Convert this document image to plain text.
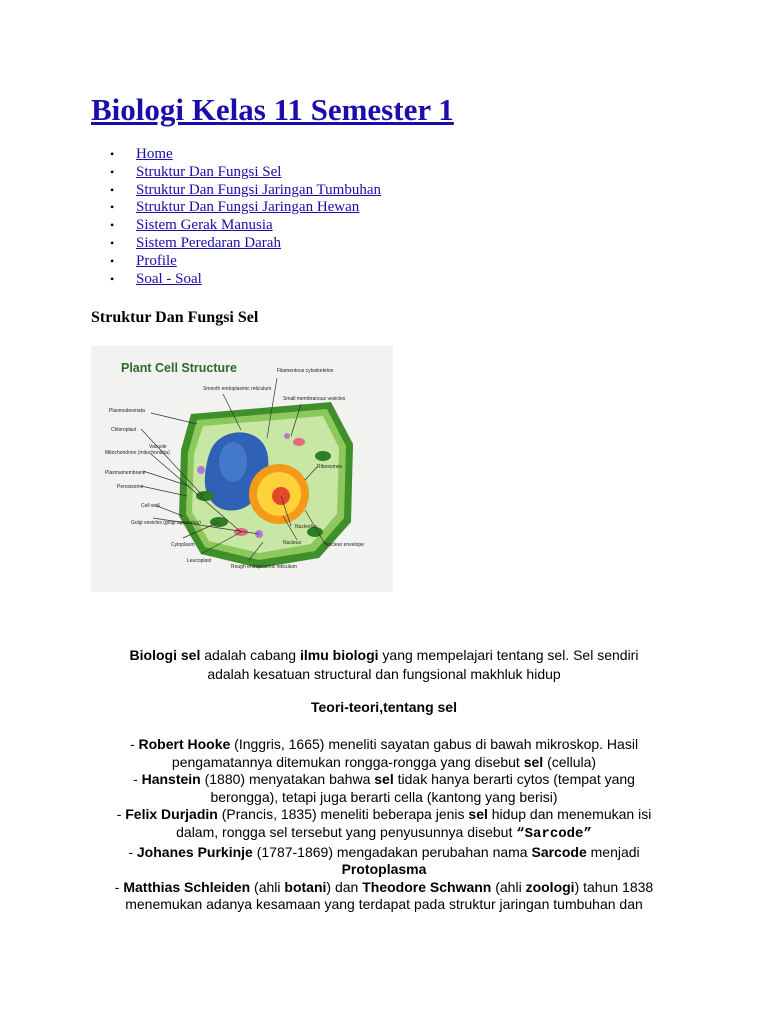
Biologi Kelas 11 Semester 1
• Home
• Struktur Dan Fungsi Sel
• Struktur Dan Fungsi Jaringan Tumbuhan
• Struktur Dan Fungsi Jaringan Hewan
• Sistem Gerak Manusia
• Sistem Peredaran Darah
• Profile
• Soal - Soal
Struktur Dan Fungsi Sel
Plant Cell Structure	Filamentous cytoskeleton
Smooth endoplasmic reticulum
Small membranous vesicles
Plasmodesmata
Chloroplast
Vacuole
Mitochondrion (mitochondria)
Plasmamembrane
Peroxisome
Cell wall
Golgi vesicles (golgi apparatus)
Cytoplasm
Leucoplast
Rough endoplasmic reticulum
Nucleolus
Nucleus
Ribosomes
Nuclear envelope

Biologi sel adalah cabang ilmu biologi yang mempelajari tentang sel. Sel sendiri
adalah kesatuan structural dan fungsional makhluk hidup

Teori-teori,tentang sel

- Robert Hooke (Inggris, 1665) meneliti sayatan gabus di bawah mikroskop. Hasil
pengamatannya ditemukan rongga-rongga yang disebut sel (cellula)
- Hanstein (1880) menyatakan bahwa sel tidak hanya berarti cytos (tempat yang
berongga), tetapi juga berarti cella (kantong yang berisi)
- Felix Durjadin (Prancis, 1835) meneliti beberapa jenis sel hidup dan menemukan isi
dalam, rongga sel tersebut yang penyusunnya disebut “Sarcode”
- Johanes Purkinje (1787-1869) mengadakan perubahan nama Sarcode menjadi
Protoplasma
- Matthias Schleiden (ahli botani) dan Theodore Schwann (ahli zoologi) tahun 1838
menemukan adanya kesamaan yang terdapat pada struktur jaringan tumbuhan dan
